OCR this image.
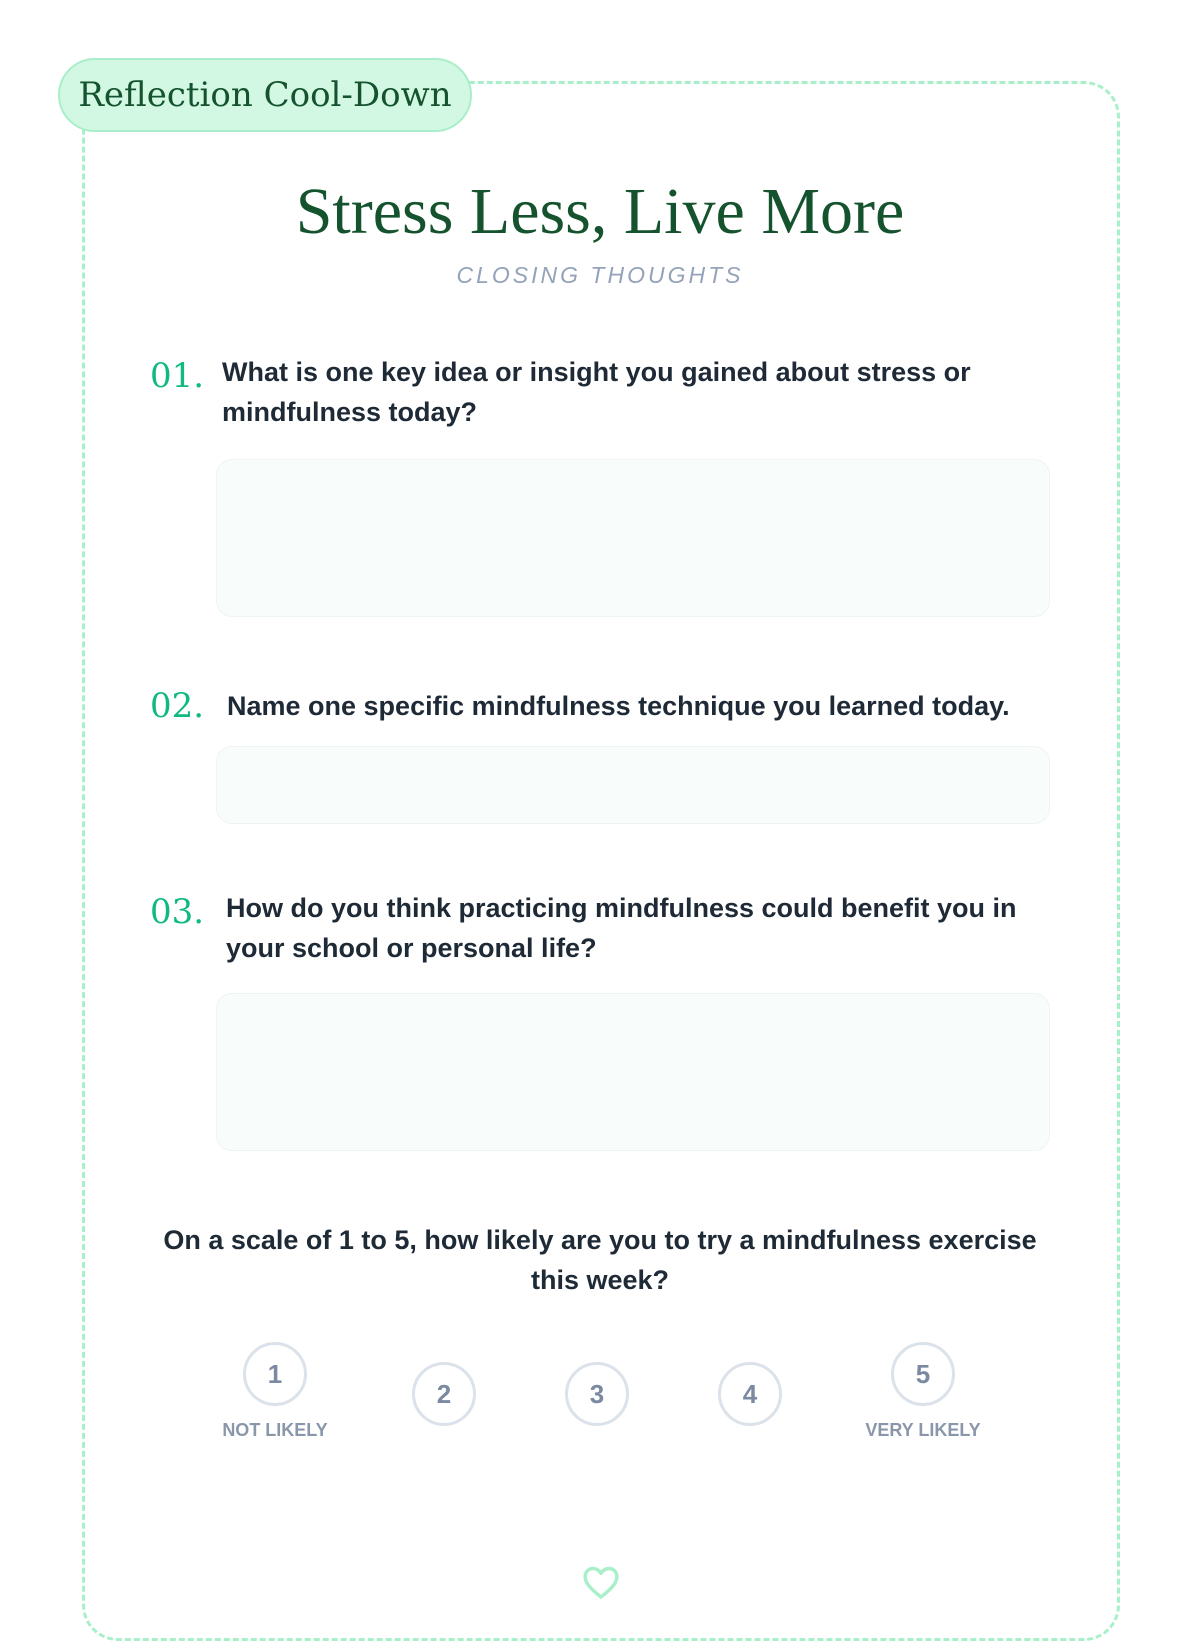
Reflection Cool-Down
Stress Less, Live More
CLOSING THOUGHTS
01. What is one key idea or insight you gained about stress or mindfulness today?
02. Name one specific mindfulness technique you learned today.
03. How do you think practicing mindfulness could benefit you in your school or personal life?
On a scale of 1 to 5, how likely are you to try a mindfulness exercise this week?
1
2	3	4
5
NOT LIKELY	VERY LIKELY
